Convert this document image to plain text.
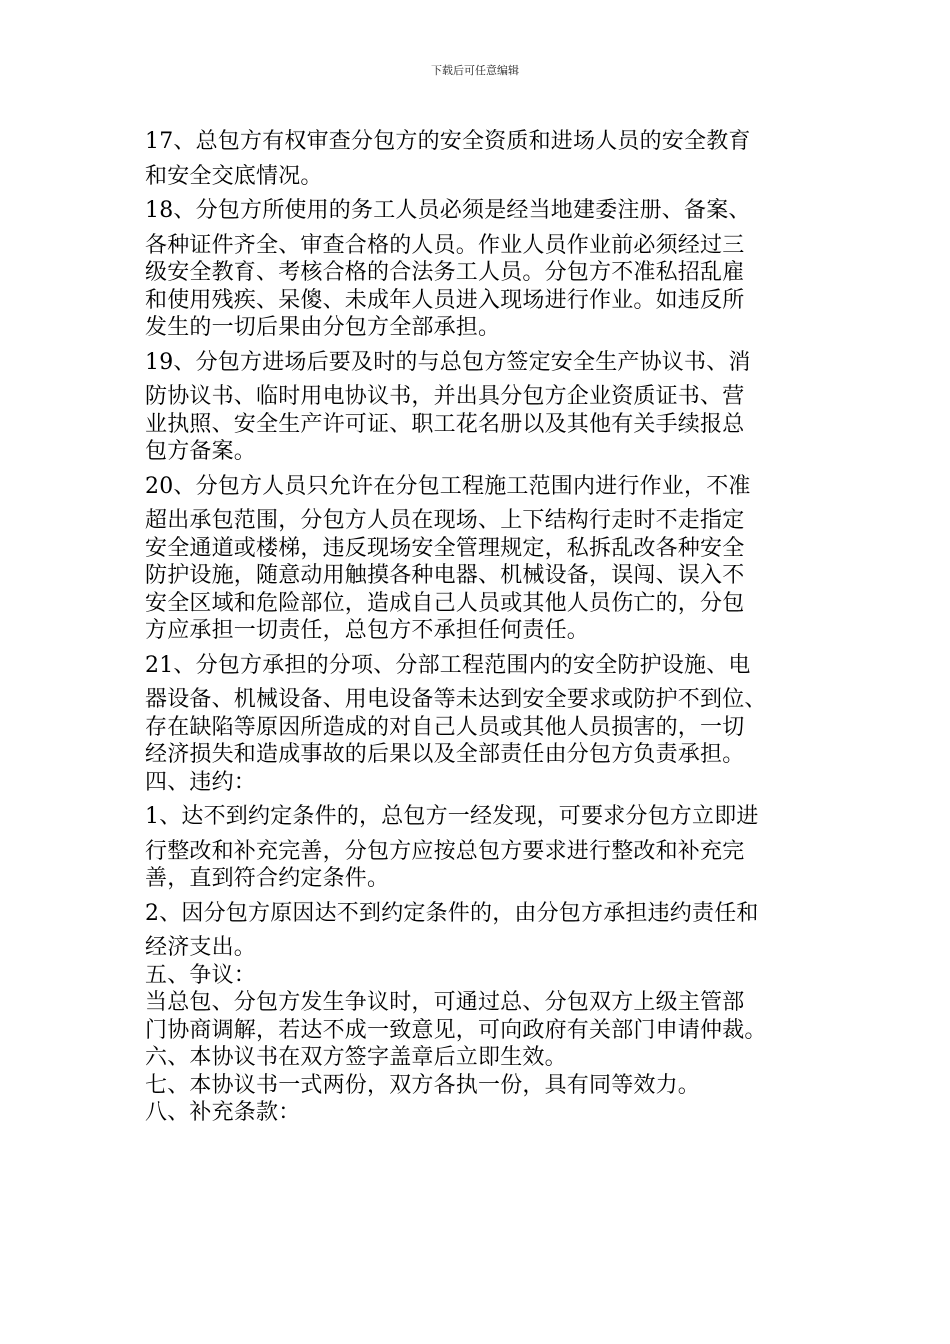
下载后可任意编辑
17、总包方有权审查分包方的安全资质和进场人员的安全教育
和安全交底情况。
18、分包方所使用的务工人员必须是经当地建委注册、备案、
各种证件齐全、审查合格的人员。作业人员作业前必须经过三
级安全教育、考核合格的合法务工人员。分包方不准私招乱雇
和使用残疾、呆傻、未成年人员进入现场进行作业。如违反所
发生的一切后果由分包方全部承担。
19、分包方进场后要及时的与总包方签定安全生产协议书、消
防协议书、临时用电协议书，并出具分包方企业资质证书、营
业执照、安全生产许可证、职工花名册以及其他有关手续报总
包方备案。
20、分包方人员只允许在分包工程施工范围内进行作业，不准
超出承包范围，分包方人员在现场、上下结构行走时不走指定
安全通道或楼梯，违反现场安全管理规定，私拆乱改各种安全
防护设施，随意动用触摸各种电器、机械设备，误闯、误入不
安全区域和危险部位，造成自己人员或其他人员伤亡的，分包
方应承担一切责任，总包方不承担任何责任。
21、分包方承担的分项、分部工程范围内的安全防护设施、电
器设备、机械设备、用电设备等未达到安全要求或防护不到位、
存在缺陷等原因所造成的对自己人员或其他人员损害的，一切
经济损失和造成事故的后果以及全部责任由分包方负责承担。
四、违约：
1、达不到约定条件的，总包方一经发现，可要求分包方立即进
行整改和补充完善，分包方应按总包方要求进行整改和补充完
善，直到符合约定条件。
2、因分包方原因达不到约定条件的，由分包方承担违约责任和
经济支出。
五、争议：
当总包、分包方发生争议时，可通过总、分包双方上级主管部
门协商调解，若达不成一致意见，可向政府有关部门申请仲裁。
六、本协议书在双方签字盖章后立即生效。
七、本协议书一式两份，双方各执一份，具有同等效力。
八、补充条款：
